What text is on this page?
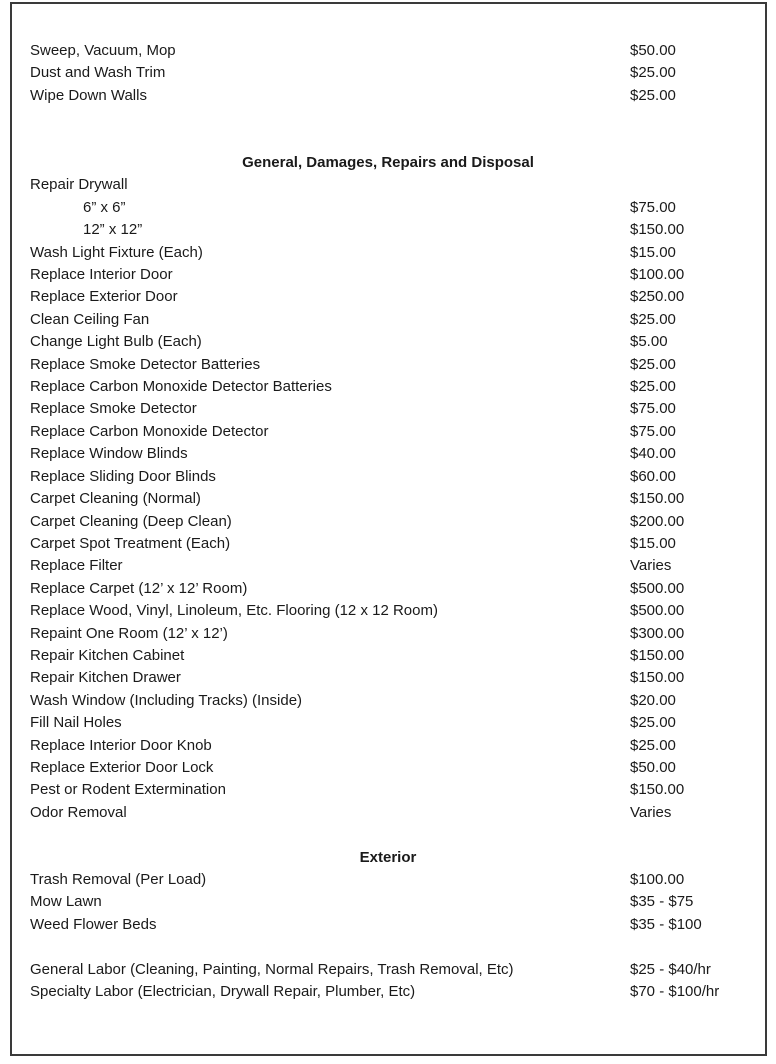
Sweep, Vacuum, Mop	$50.00
Dust and Wash Trim	$25.00
Wipe Down Walls	$25.00
General, Damages, Repairs and Disposal
Repair Drywall
6” x 6”	$75.00
12” x 12”	$150.00
Wash Light Fixture (Each)	$15.00
Replace Interior Door	$100.00
Replace Exterior Door	$250.00
Clean Ceiling Fan	$25.00
Change Light Bulb (Each)	$5.00
Replace Smoke Detector Batteries	$25.00
Replace Carbon Monoxide Detector Batteries	$25.00
Replace Smoke Detector	$75.00
Replace Carbon Monoxide Detector	$75.00
Replace Window Blinds	$40.00
Replace Sliding Door Blinds	$60.00
Carpet Cleaning (Normal)	$150.00
Carpet Cleaning (Deep Clean)	$200.00
Carpet Spot Treatment (Each)	$15.00
Replace Filter	Varies
Replace Carpet (12’ x 12’ Room)	$500.00
Replace Wood, Vinyl, Linoleum, Etc. Flooring (12 x 12 Room)	$500.00
Repaint One Room (12’ x 12’)	$300.00
Repair Kitchen Cabinet	$150.00
Repair Kitchen Drawer	$150.00
Wash Window (Including Tracks) (Inside)	$20.00
Fill Nail Holes	$25.00
Replace Interior Door Knob	$25.00
Replace Exterior Door Lock	$50.00
Pest or Rodent Extermination	$150.00
Odor Removal	Varies
Exterior
Trash Removal (Per Load)	$100.00
Mow Lawn	$35 - $75
Weed Flower Beds	$35 - $100
General Labor (Cleaning, Painting, Normal Repairs, Trash Removal, Etc)	$25 - $40/hr
Specialty Labor (Electrician, Drywall Repair, Plumber, Etc)	$70 - $100/hr
